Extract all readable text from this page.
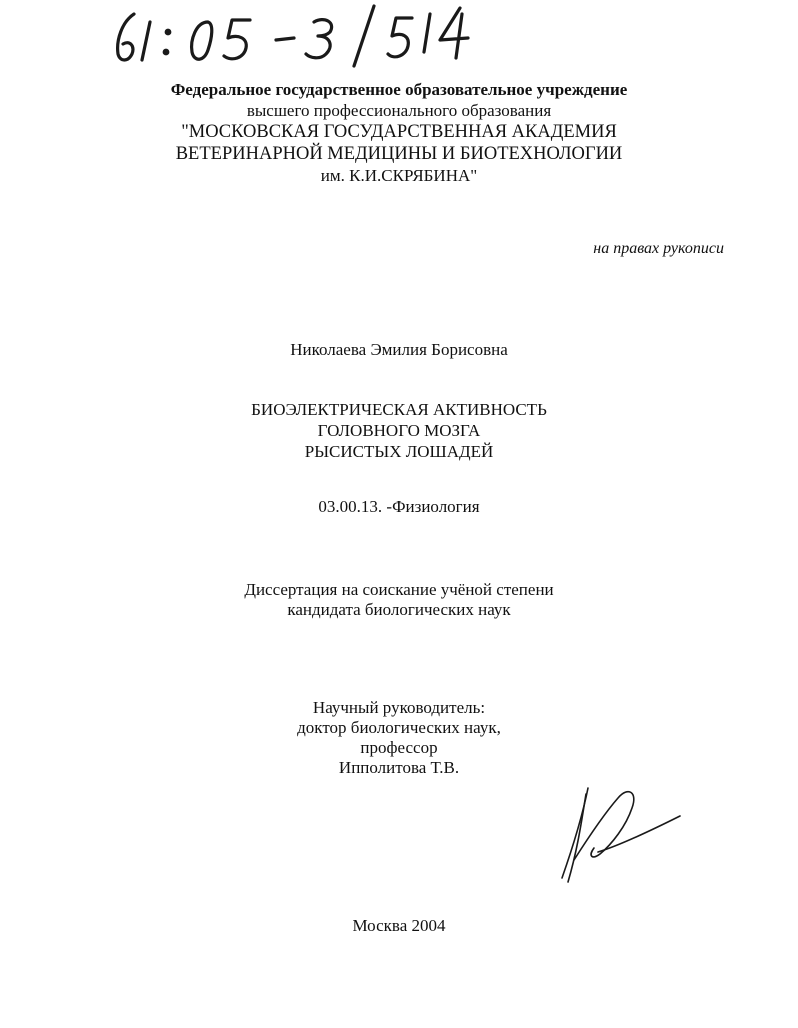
Федеральное государственное образовательное учреждение
высшего профессионального образования
"МОСКОВСКАЯ ГОСУДАРСТВЕННАЯ АКАДЕМИЯ
ВЕТЕРИНАРНОЙ МЕДИЦИНЫ И БИОТЕХНОЛОГИИ
им. К.И.СКРЯБИНА"
на правах рукописи
Николаева Эмилия Борисовна
БИОЭЛЕКТРИЧЕСКАЯ АКТИВНОСТЬ
ГОЛОВНОГО МОЗГА
РЫСИСТЫХ ЛОШАДЕЙ
03.00.13. -Физиология
Диссертация на соискание учёной степени
кандидата биологических наук
Научный руководитель:
доктор биологических наук,
профессор
Ипполитова Т.В.
Москва 2004
